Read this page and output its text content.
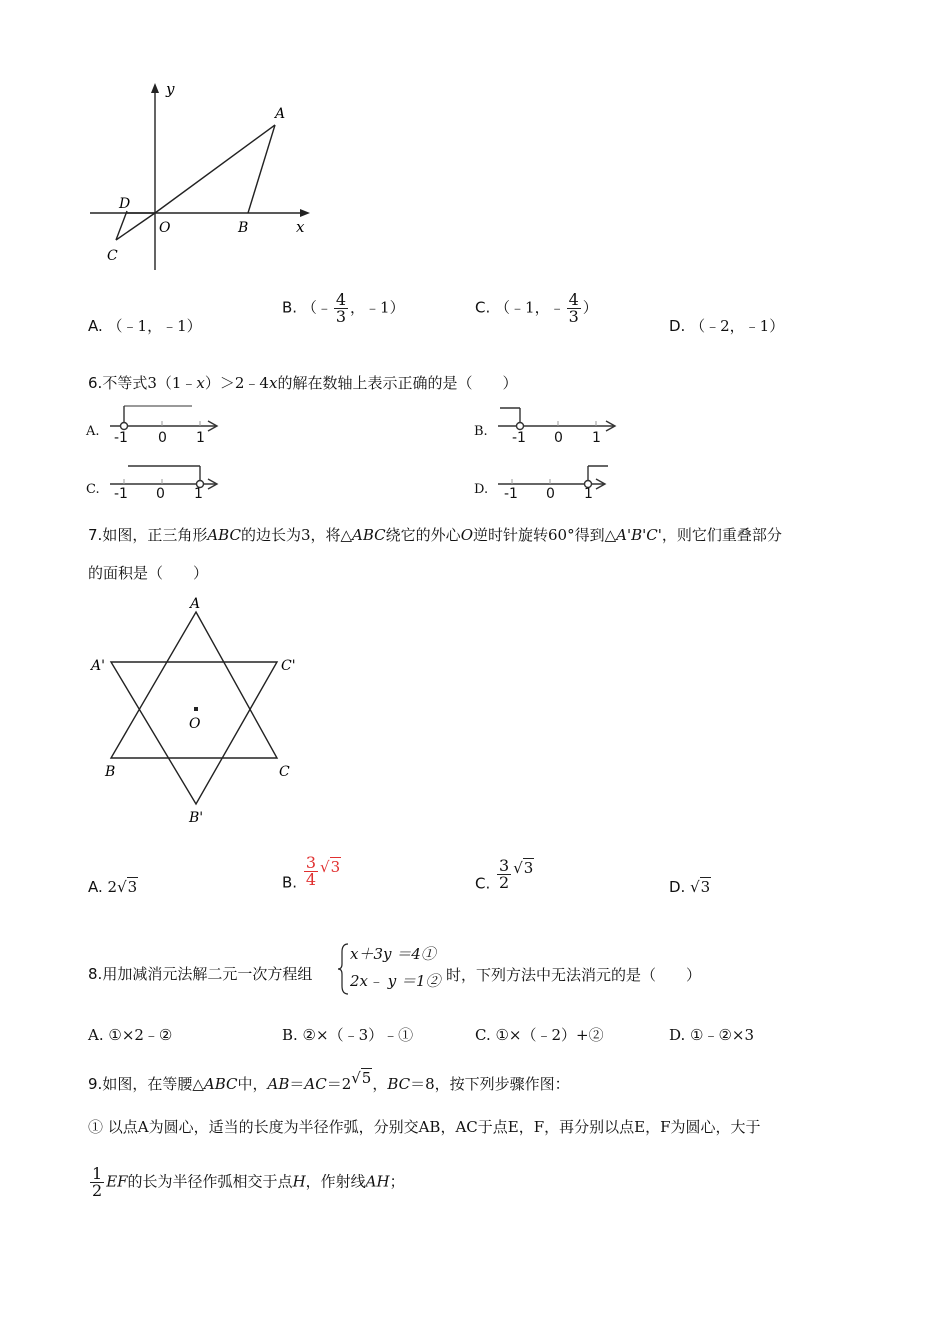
y
x
A
B
C
D
O
A. （﹣1，﹣1）
B. （﹣ $\frac{4}{3}$ ，﹣1）	C. （﹣1，﹣ $\frac{4}{3}$ ）
D. （﹣2，﹣1）
6.不等式3（1﹣x）＞2﹣4x的解在数轴上表示正确的是（　　）
A. -1 0 1	B. -1 0 1
C. -1 0 1	D. -1 0 1
7.如图，正三角形ABC的边长为3，将△ABC绕它的外心O逆时针旋转60°得到△A'B'C'，则它们重叠部分
的面积是（　　）
A
A'	C'
O
B	C
B'
A. 2√3	B. $\frac{3}{4} √3$
C. $\frac{3}{2} √3$
D. √3
8.用加减消元法解二元一次方程组
x＋3y ＝4①
2x﹣ y ＝1② 时，下列方法中无法消元的是（　　）
A. ①×2﹣②	B. ②×（﹣3）﹣①	C. ①×（﹣2）+②	D. ①﹣②×3
9.如图，在等腰△ABC中，AB＝AC＝2√5，BC＝8，按下列步骤作图：
① 以点A为圆心，适当的长度为半径作弧，分别交AB，AC于点E，F，再分别以点E，F为圆心，大于
$\frac{1}{2}$ EF的长为半径作弧相交于点H，作射线AH；
